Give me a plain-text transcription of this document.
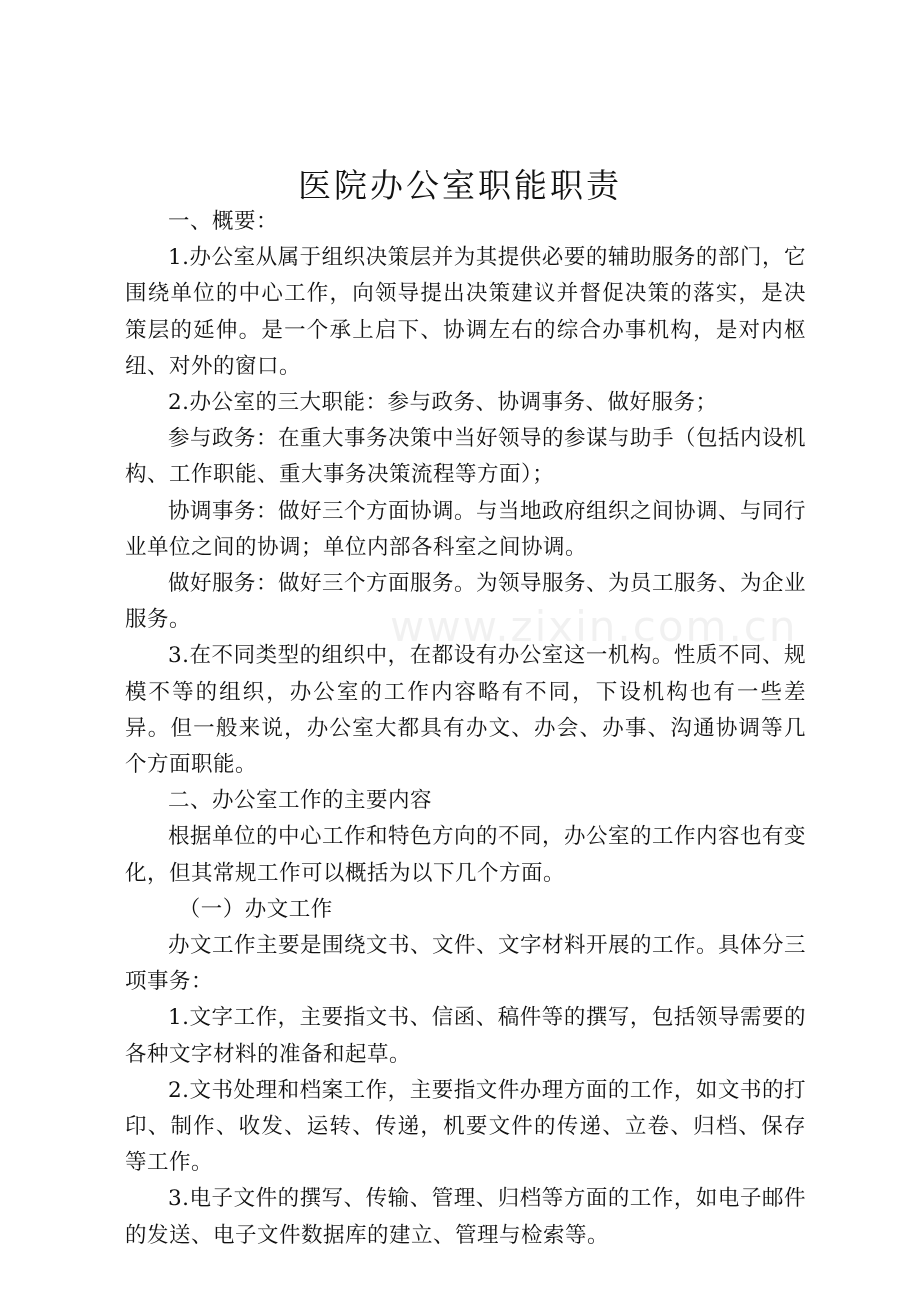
医院办公室职能职责
www.zixin.com.cn

一、概要：

1.办公室从属于组织决策层并为其提供必要的辅助服务的部门，它围绕单位的中心工作，向领导提出决策建议并督促决策的落实，是决策层的延伸。是一个承上启下、协调左右的综合办事机构，是对内枢纽、对外的窗口。

2.办公室的三大职能：参与政务、协调事务、做好服务；

参与政务：在重大事务决策中当好领导的参谋与助手（包括内设机构、工作职能、重大事务决策流程等方面）；

协调事务：做好三个方面协调。与当地政府组织之间协调、与同行业单位之间的协调；单位内部各科室之间协调。

做好服务：做好三个方面服务。为领导服务、为员工服务、为企业服务。

3.在不同类型的组织中，在都设有办公室这一机构。性质不同、规模不等的组织，办公室的工作内容略有不同，下设机构也有一些差异。但一般来说，办公室大都具有办文、办会、办事、沟通协调等几个方面职能。

二、办公室工作的主要内容

根据单位的中心工作和特色方向的不同，办公室的工作内容也有变化，但其常规工作可以概括为以下几个方面。

（一）办文工作

办文工作主要是围绕文书、文件、文字材料开展的工作。具体分三项事务：

1.文字工作，主要指文书、信函、稿件等的撰写，包括领导需要的各种文字材料的准备和起草。

2.文书处理和档案工作，主要指文件办理方面的工作，如文书的打印、制作、收发、运转、传递，机要文件的传递、立卷、归档、保存等工作。

3.电子文件的撰写、传输、管理、归档等方面的工作，如电子邮件的发送、电子文件数据库的建立、管理与检索等。
